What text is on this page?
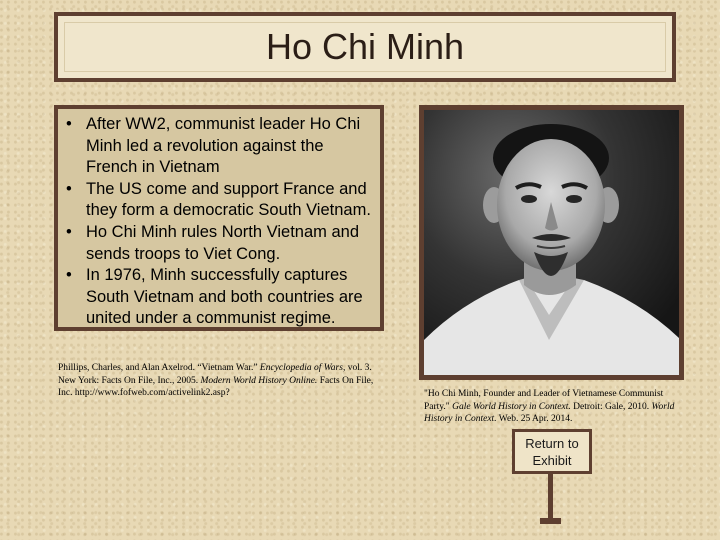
Ho Chi Minh
• After WW2, communist leader Ho Chi Minh led a revolution against the French in Vietnam
• The US come and support France and they form a democratic South Vietnam.
• Ho Chi Minh rules North Vietnam and sends troops to Viet Cong.
• In 1976, Minh successfully captures South Vietnam and both countries are united under a communist regime.
Phillips, Charles, and Alan Axelrod. “Vietnam War.” Encyclopedia of Wars, vol. 3. New York: Facts On File, Inc., 2005. Modern World History Online. Facts On File, Inc. http://www.fofweb.com/activelink2.asp?	"Ho Chi Minh, Founder and Leader of Vietnamese Communist Party." Gale World History in Context. Detroit: Gale, 2010. World History in Context. Web. 25 Apr. 2014.
Return to
Exhibit
